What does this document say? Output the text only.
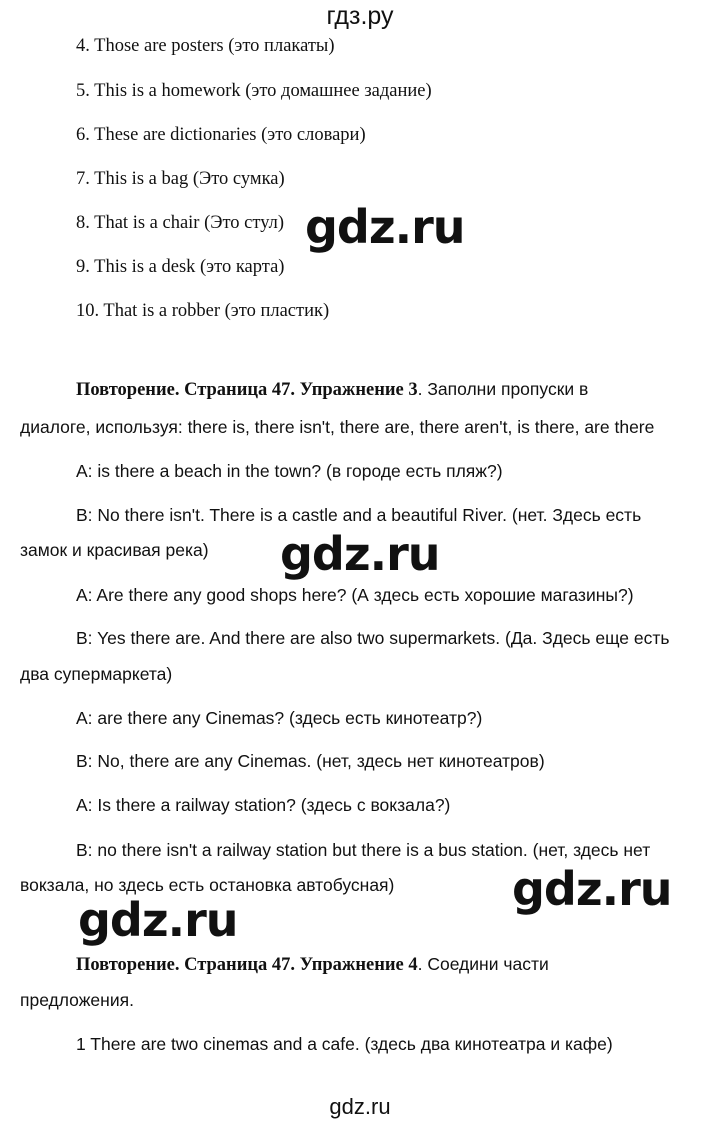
гдз.ру
4. Those are posters (это плакаты)
5. This is a homework (это домашнее задание)
6. These are dictionaries (это словари)
7. This is a bag (Это сумка)
8. That is a chair (Это стул)
9. This is a desk (это карта)
10. That is a robber (это пластик)
Повторение. Страница 47. Упражнение 3. Заполни пропуски в
диалоге, используя: there is, there isn't, there are, there aren't, is there, are there
A: is there a beach in the town? (в городе есть пляж?)
B: No there isn't. There is a castle and a beautiful River. (нет. Здесь есть
замок и красивая река)
A: Are there any good shops here? (А здесь есть хорошие магазины?)
B: Yes there are. And there are also two supermarkets. (Да. Здесь еще есть
два супермаркета)
A: are there any Cinemas? (здесь есть кинотеатр?)
B: No, there are any Cinemas. (нет, здесь нет кинотеатров)
A: Is there a railway station? (здесь с вокзала?)
B: no there isn't a railway station but there is a bus station. (нет, здесь нет
вокзала, но здесь есть остановка автобусная)
Повторение. Страница 47. Упражнение 4. Соедини части
предложения.
1 There are two cinemas and a cafe. (здесь два кинотеатра и кафе)
gdz.ru
gdz.ru
gdz.ru
gdz.ru
gdz.ru
